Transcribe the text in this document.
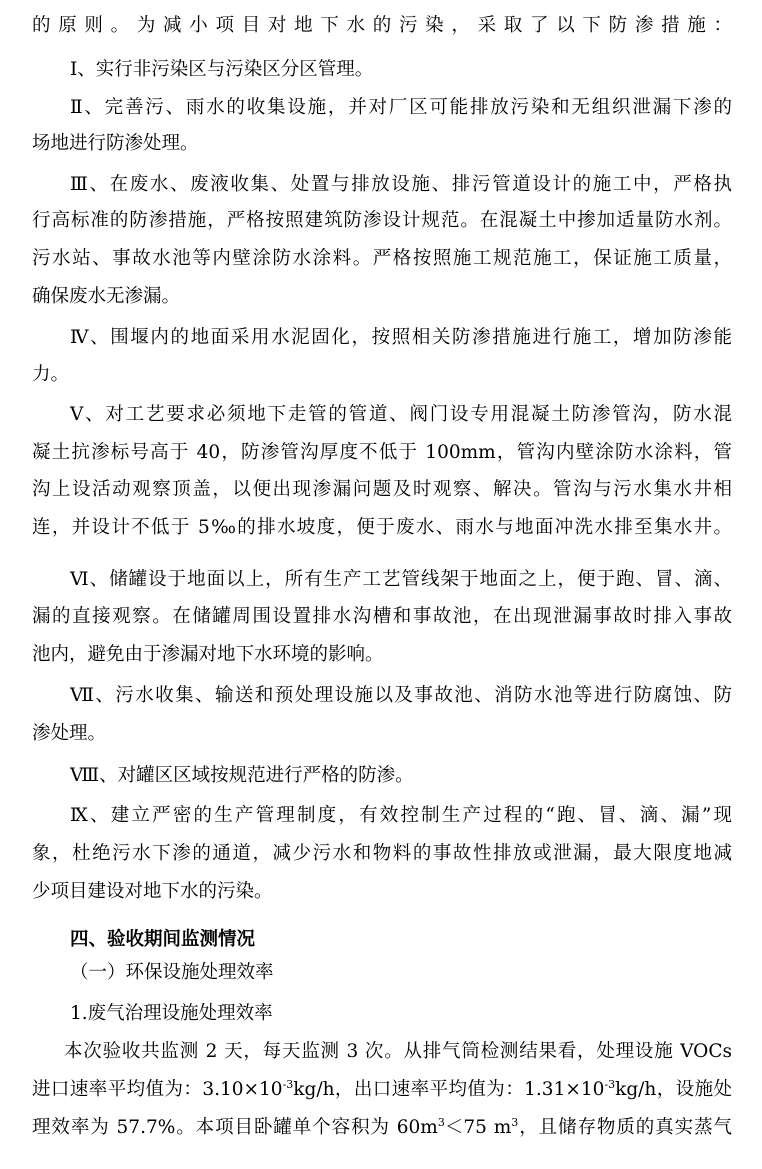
的原则。为减小项目对地下水的污染，采取了以下防渗措施：
Ⅰ、实行非污染区与污染区分区管理。
Ⅱ、完善污、雨水的收集设施，并对厂区可能排放污染和无组织泄漏下渗的
场地进行防渗处理。
Ⅲ、在废水、废液收集、处置与排放设施、排污管道设计的施工中，严格执
行高标准的防渗措施，严格按照建筑防渗设计规范。在混凝土中掺加适量防水剂。
污水站、事故水池等内壁涂防水涂料。严格按照施工规范施工，保证施工质量，
确保废水无渗漏。
Ⅳ、围堰内的地面采用水泥固化，按照相关防渗措施进行施工，增加防渗能
力。
Ⅴ、对工艺要求必须地下走管的管道、阀门设专用混凝土防渗管沟，防水混
凝土抗渗标号高于 40，防渗管沟厚度不低于 100mm，管沟内壁涂防水涂料，管
沟上设活动观察顶盖，以便出现渗漏问题及时观察、解决。管沟与污水集水井相
连，并设计不低于 5‰的排水坡度，便于废水、雨水与地面冲洗水排至集水井。
Ⅵ、储罐设于地面以上，所有生产工艺管线架于地面之上，便于跑、冒、滴、
漏的直接观察。在储罐周围设置排水沟槽和事故池，在出现泄漏事故时排入事故
池内，避免由于渗漏对地下水环境的影响。
Ⅶ、污水收集、输送和预处理设施以及事故池、消防水池等进行防腐蚀、防
渗处理。
Ⅷ、对罐区区域按规范进行严格的防渗。
Ⅸ、建立严密的生产管理制度，有效控制生产过程的“跑、冒、滴、漏”现
象，杜绝污水下渗的通道，减少污水和物料的事故性排放或泄漏，最大限度地减
少项目建设对地下水的污染。
四、验收期间监测情况
（一）环保设施处理效率
1.废气治理设施处理效率
本次验收共监测 2 天，每天监测 3 次。从排气筒检测结果看，处理设施 VOCs
进口速率平均值为：$3.10\times 10^{-3}kg/h$，出口速率平均值为：$1.31\times 10^{-3}kg/h$，设施处
理效率为 57.7%。本项目卧罐单个容积为 $60m^3<75$ $m^3$，且储存物质的真实蒸气
